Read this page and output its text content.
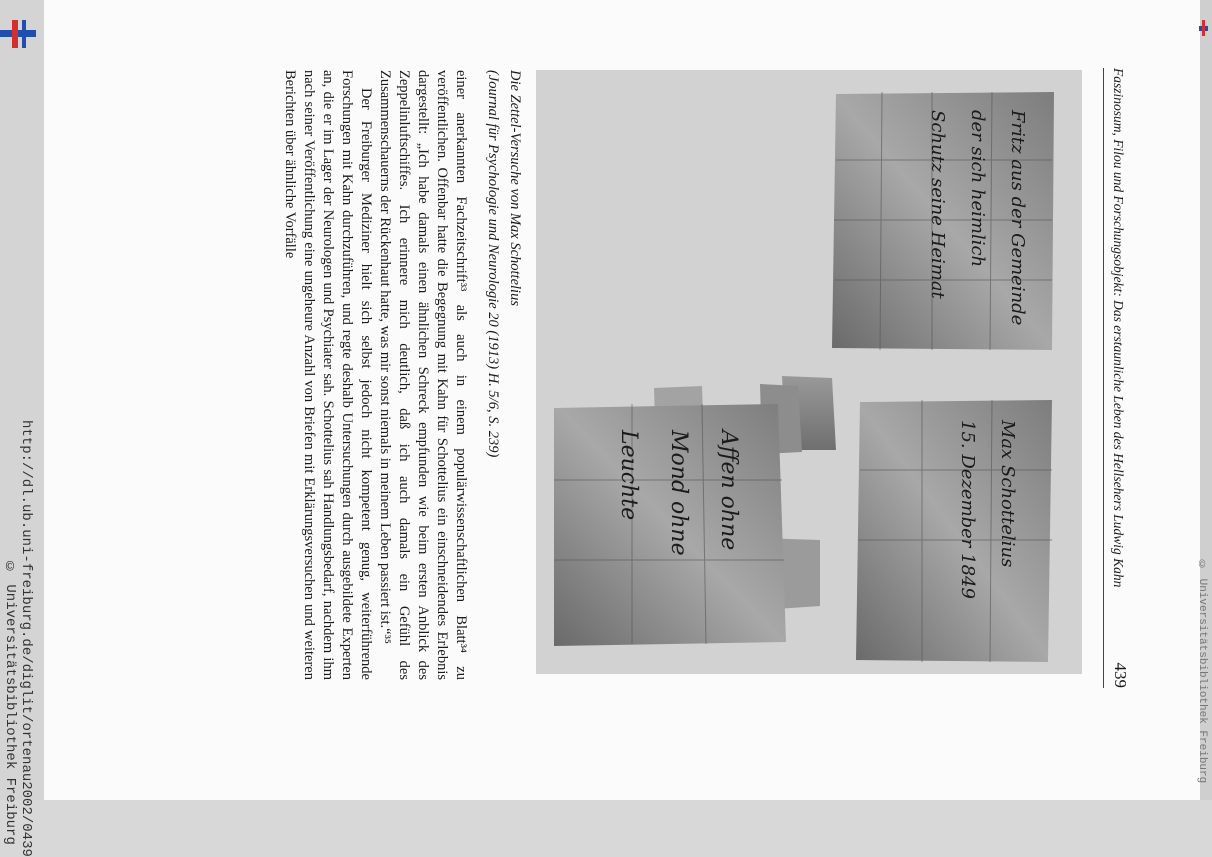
http://dl.ub.uni-freiburg.de/diglit/ortenau2002/0439
© Universitätsbibliothek Freiburg	© Universitätsbibliothek Freiburg
Faszinosum, Filou und Forschungsobjekt: Das erstaunliche Leben des Hellsehers Ludwig Kahn
439
Fritz aus der Gemeinde
der sich heimlich
Schutz seine Heimat
Max Schottelius
15. Dezember 1849
Affen ohne
Mond ohne
Leuchte
Die Zettel-Versuche von Max Schottelius
(Journal für Psychologie und Neurologie 20 (1913) H. 5/6, S. 239)

einer anerkannten Fachzeitschrift³³ als auch in einem populärwissenschaftlichen Blatt³⁴ zu veröffentlichen. Offenbar hatte die Begegnung mit Kahn für Schottelius ein einschneidendes Erlebnis dargestellt: „Ich habe damals einen ähnlichen Schreck empfunden wie beim ersten Anblick des Zeppelinluftschiffes. Ich erinnere mich deutlich, daß ich auch damals ein Gefühl des Zusammenschauerns der Rückenhaut hatte, was mir sonst niemals in meinem Leben passiert ist.“³⁵

Der Freiburger Mediziner hielt sich selbst jedoch nicht kompetent genug, weiterführende Forschungen mit Kahn durchzuführen, und regte deshalb Untersuchungen durch ausgebildete Experten an, die er im Lager der Neurologen und Psychiater sah. Schottelius sah Handlungsbedarf, nachdem ihm nach seiner Veröffentlichung eine ungeheure Anzahl von Briefen mit Erklärungsversuchen und weiteren Berichten über ähnliche Vorfälle
